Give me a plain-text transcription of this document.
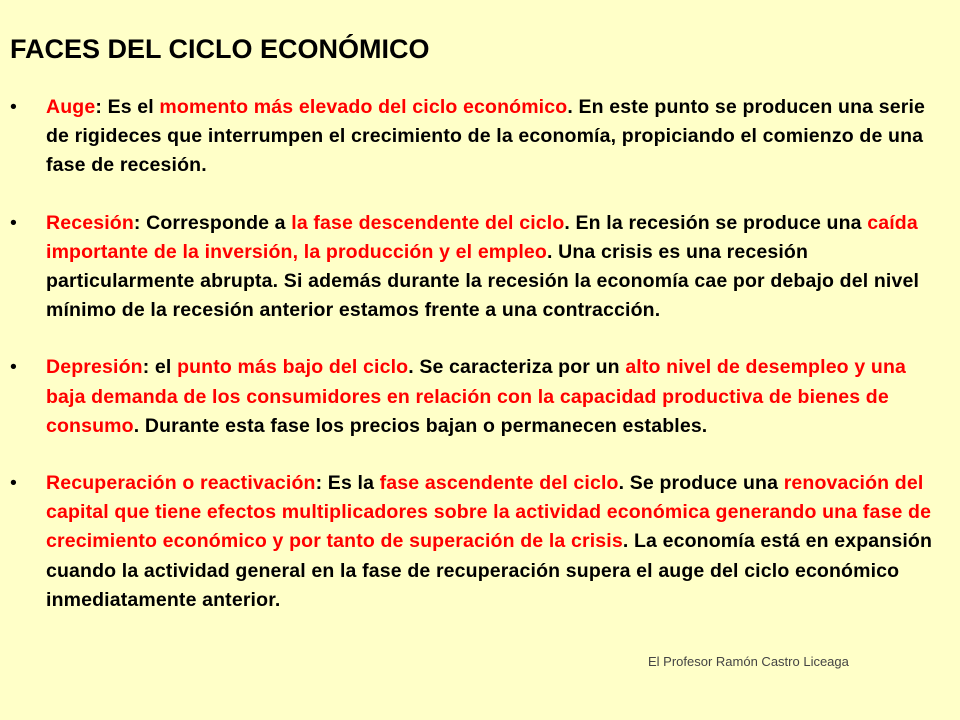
FACES DEL CICLO ECONÓMICO
• Auge: Es el momento más elevado del ciclo económico. En este punto se producen una serie de rigideces que interrumpen el crecimiento de la economía, propiciando el comienzo de una fase de recesión.
• Recesión: Corresponde a la fase descendente del ciclo. En la recesión se produce una caída importante de la inversión, la producción y el empleo. Una crisis es una recesión particularmente abrupta. Si además durante la recesión la economía cae por debajo del nivel mínimo de la recesión anterior estamos frente a una contracción.
• Depresión: el punto más bajo del ciclo. Se caracteriza por un alto nivel de desempleo y una baja demanda de los consumidores en relación con la capacidad productiva de bienes de consumo. Durante esta fase los precios bajan o permanecen estables.
• Recuperación o reactivación: Es la fase ascendente del ciclo. Se produce una renovación del capital que tiene efectos multiplicadores sobre la actividad económica generando una fase de crecimiento económico y por tanto de superación de la crisis. La economía está en expansión cuando la actividad general en la fase de recuperación supera el auge del ciclo económico inmediatamente anterior.
El Profesor Ramón Castro Liceaga
